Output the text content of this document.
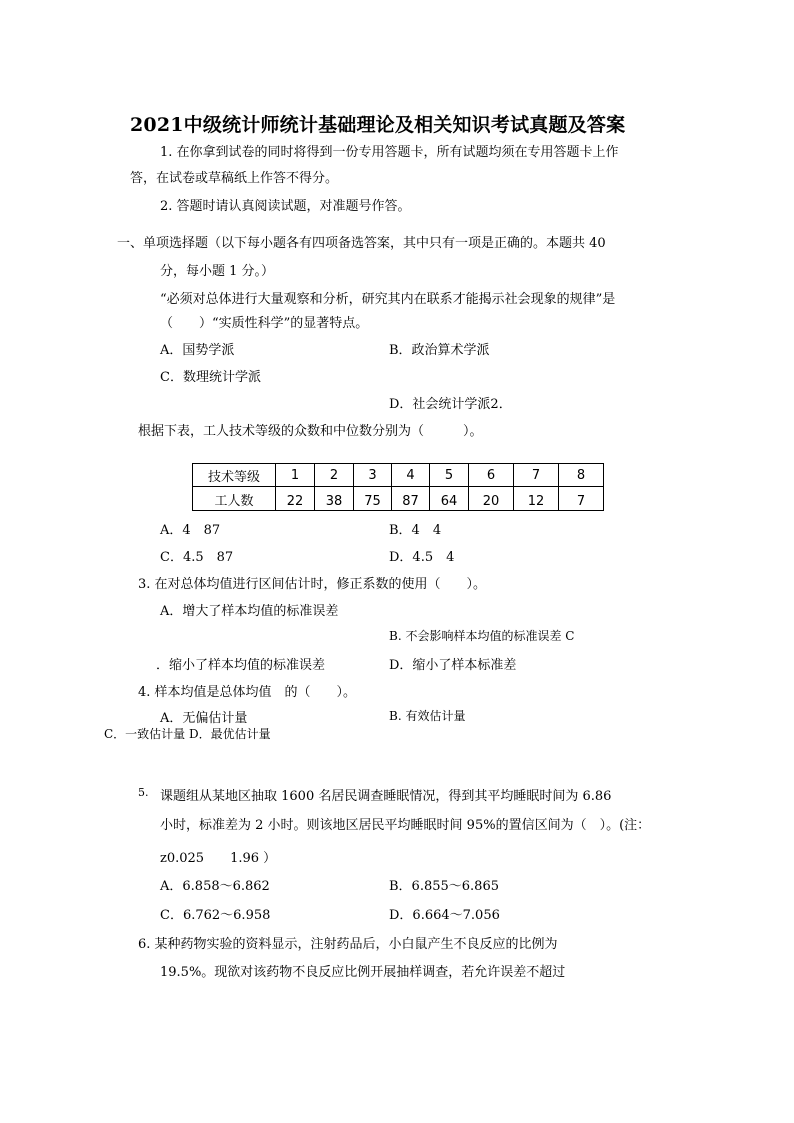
2021中级统计师统计基础理论及相关知识考试真题及答案
1. 在你拿到试卷的同时将得到一份专用答题卡，所有试题均须在专用答题卡上作
答，在试卷或草稿纸上作答不得分。
2. 答题时请认真阅读试题，对准题号作答。
一、单项选择题（以下每小题各有四项备选答案，其中只有一项是正确的。本题共 40
分，每小题 1 分。）
“必须对总体进行大量观察和分析，研究其内在联系才能揭示社会现象的规律”是
（　　）“实质性科学”的显著特点。
A．国势学派	B．政治算术学派
C．数理统计学派
D．社会统计学派2．
根据下表，工人技术等级的众数和中位数分别为（　　　）。
技术等级	1	2	3	4	5	6	7	8
工人数	22	38	75	87	64	20	12	7
A．4　87	B．4　4
C．4.5　87	D．4.5　4
3. 在对总体均值进行区间估计时，修正系数的使用（　　）。
A．增大了样本均值的标准误差
B. 不会影响样本均值的标准误差 C
．缩小了样本均值的标准误差	D．缩小了样本标准差
4. 样本均值是总体均值　的（　　）。
A．无偏估计量	B. 有效估计量
C．一致估计量 D．最优估计量
5. 课题组从某地区抽取 1600 名居民调查睡眠情况，得到其平均睡眠时间为 6.86
小时，标准差为 2 小时。则该地区居民平均睡眠时间 95%的置信区间为（　）。(注：
z0.025　　1.96 ）
A．6.858～6.862	B．6.855～6.865
C．6.762～6.958	D．6.664～7.056
6. 某种药物实验的资料显示，注射药品后，小白鼠产生不良反应的比例为
19.5%。现欲对该药物不良反应比例开展抽样调查，若允许误差不超过
